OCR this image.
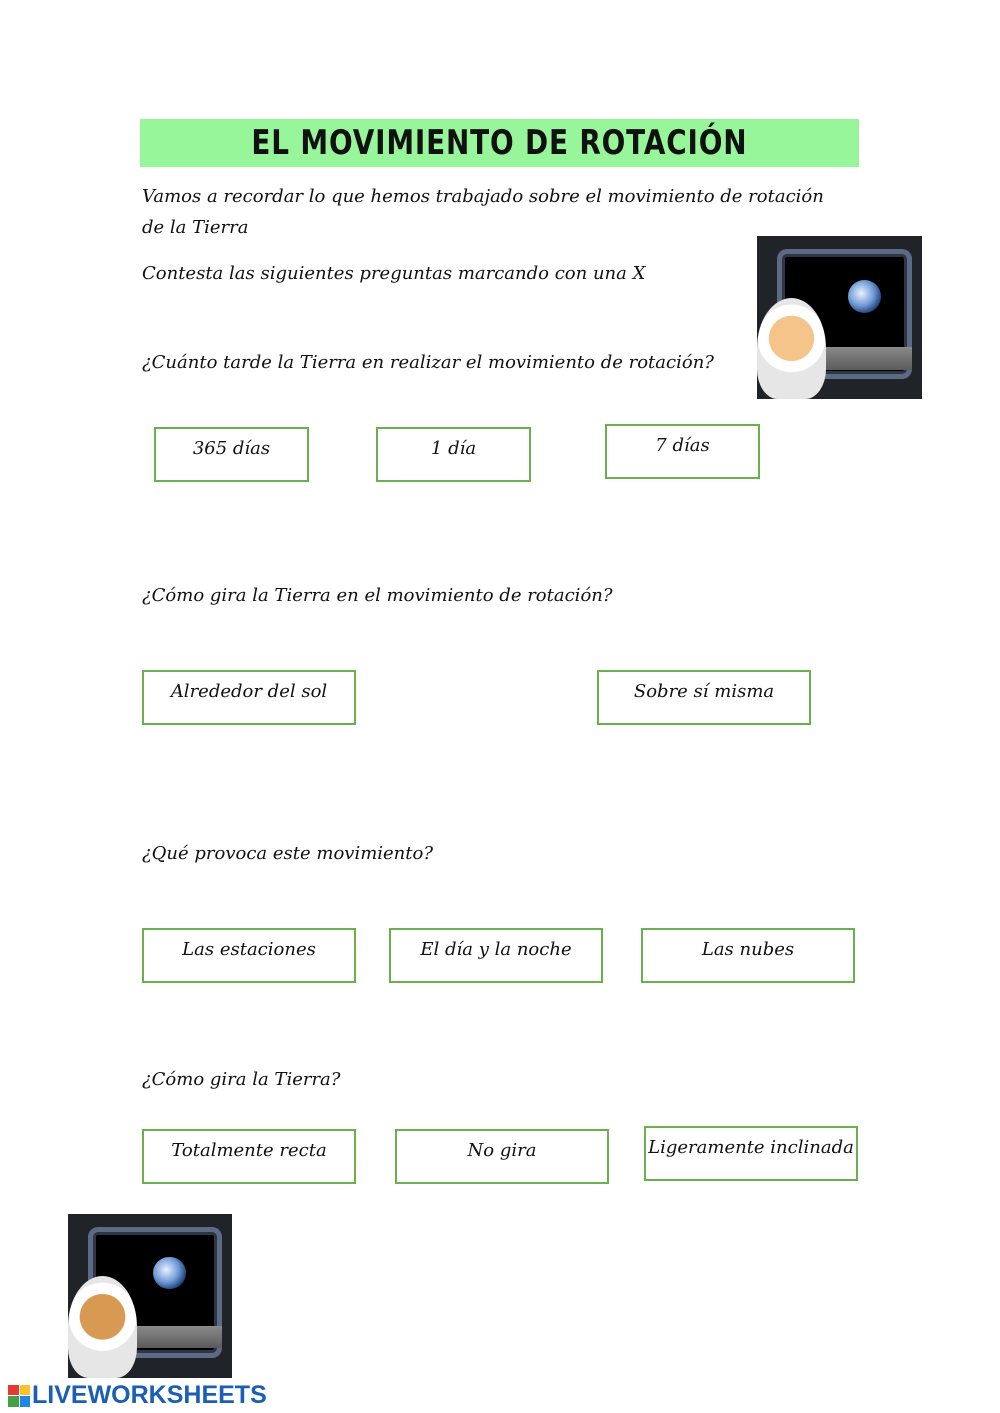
EL MOVIMIENTO DE ROTACIÓN
Vamos a recordar lo que hemos trabajado sobre el movimiento de rotación de la Tierra
Contesta las siguientes preguntas marcando con una X
¿Cuánto tarde la Tierra en realizar el movimiento de rotación?
365 días	1 día	7 días
¿Cómo gira la Tierra en el movimiento de rotación?
Alrededor del sol	Sobre sí misma
¿Qué provoca este movimiento?
Las estaciones	El día y la noche	Las nubes
¿Cómo gira la Tierra?
Totalmente recta	No gira	Ligeramente inclinada
LIVEWORKSHEETS
